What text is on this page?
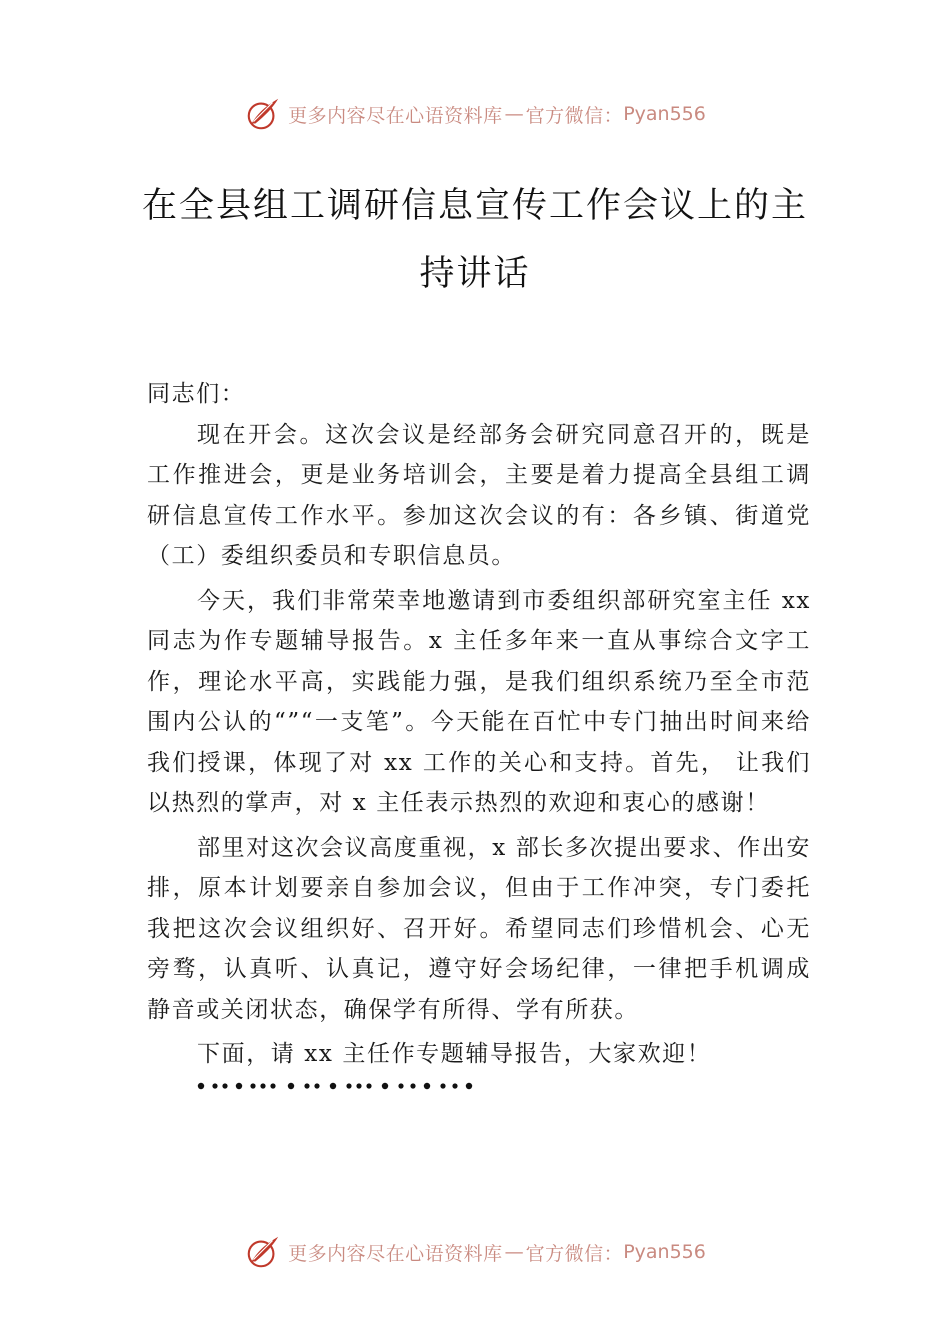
更多内容尽在心语资料库 — 官方微信： Pyan556
在全县组工调研信息宣传工作会议上的主持讲话

同志们：

现在开会。这次会议是经部务会研究同意召开的，既是工作推进会，更是业务培训会，主要是着力提高全县组工调研信息宣传工作水平。参加这次会议的有：各乡镇、街道党（工）委组织委员和专职信息员。

今天，我们非常荣幸地邀请到市委组织部研究室主任 xx 同志为作专题辅导报告。x 主任多年来一直从事综合文字工作，理论水平高，实践能力强，是我们组织系统乃至全市范围内公认的“”“一支笔”。今天能在百忙中专门抽出时间来给我们授课，体现了对 xx 工作的关心和支持。首先， 让我们以热烈的掌声，对 x 主任表示热烈的欢迎和衷心的感谢！

部里对这次会议高度重视，x 部长多次提出要求、作出安排，原本计划要亲自参加会议，但由于工作冲突，专门委托我把这次会议组织好、召开好。希望同志们珍惜机会、心无旁骛，认真听、认真记，遵守好会场纪律，一律把手机调成静音或关闭状态，确保学有所得、学有所获。

下面，请 xx 主任作专题辅导报告，大家欢迎！

更多内容尽在心语资料库 — 官方微信： Pyan556
